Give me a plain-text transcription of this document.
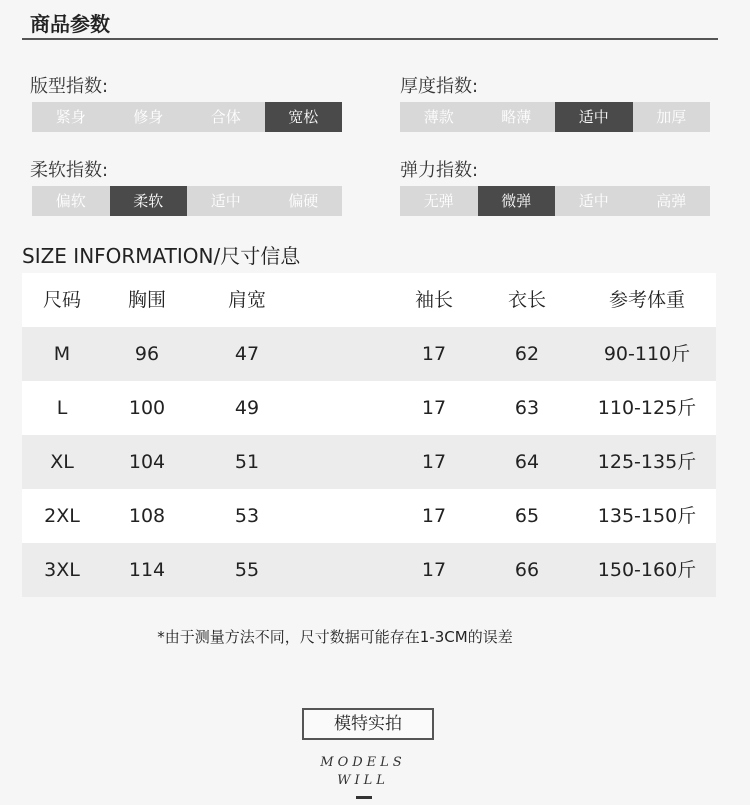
商品参数
版型指数:
紧身	修身	合体	宽松
厚度指数:
薄款	略薄	适中	加厚
柔软指数:
偏软	柔软	适中	偏硬
弹力指数:
无弹	微弹	适中	高弹
SIZE INFORMATION/尺寸信息
尺码	胸围	肩宽	袖长	衣长	参考体重
M	96	47	17	62	90-110斤
L	100	49	17	63	110-125斤
XL	104	51	17	64	125-135斤
2XL	108	53	17	65	135-150斤
3XL	114	55	17	66	150-160斤
*由于测量方法不同，尺寸数据可能存在1-3CM的误差
模特实拍
MODELS
WILL
